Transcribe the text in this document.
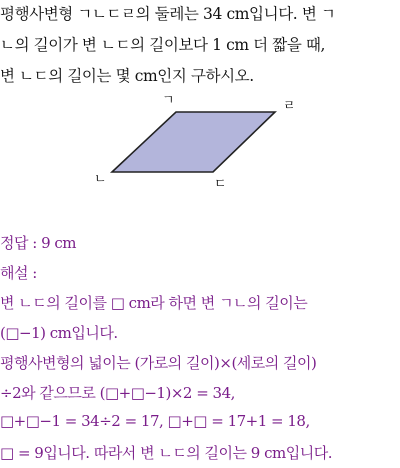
평행사변형 ㄱㄴㄷㄹ의 둘레는 34 cm입니다. 변 ㄱ
ㄴ의 길이가 변 ㄴㄷ의 길이보다 1 cm 더 짧을 때,
변 ㄴㄷ의 길이는 몇 cm인지 구하시오.
ㄱ	ㄹ
ㄴ	ㄷ
정답 : 9 cm
해설 :
변 ㄴㄷ의 길이를 □ cm라 하면 변 ㄱㄴ의 길이는
(□−1) cm입니다.
평행사변형의 넓이는 (가로의 길이)×(세로의 길이)
÷2와 같으므로 (□+□−1)×2 = 34,
□+□−1 = 34÷2 = 17, □+□ = 17+1 = 18,
□ = 9입니다. 따라서 변 ㄴㄷ의 길이는 9 cm입니다.
